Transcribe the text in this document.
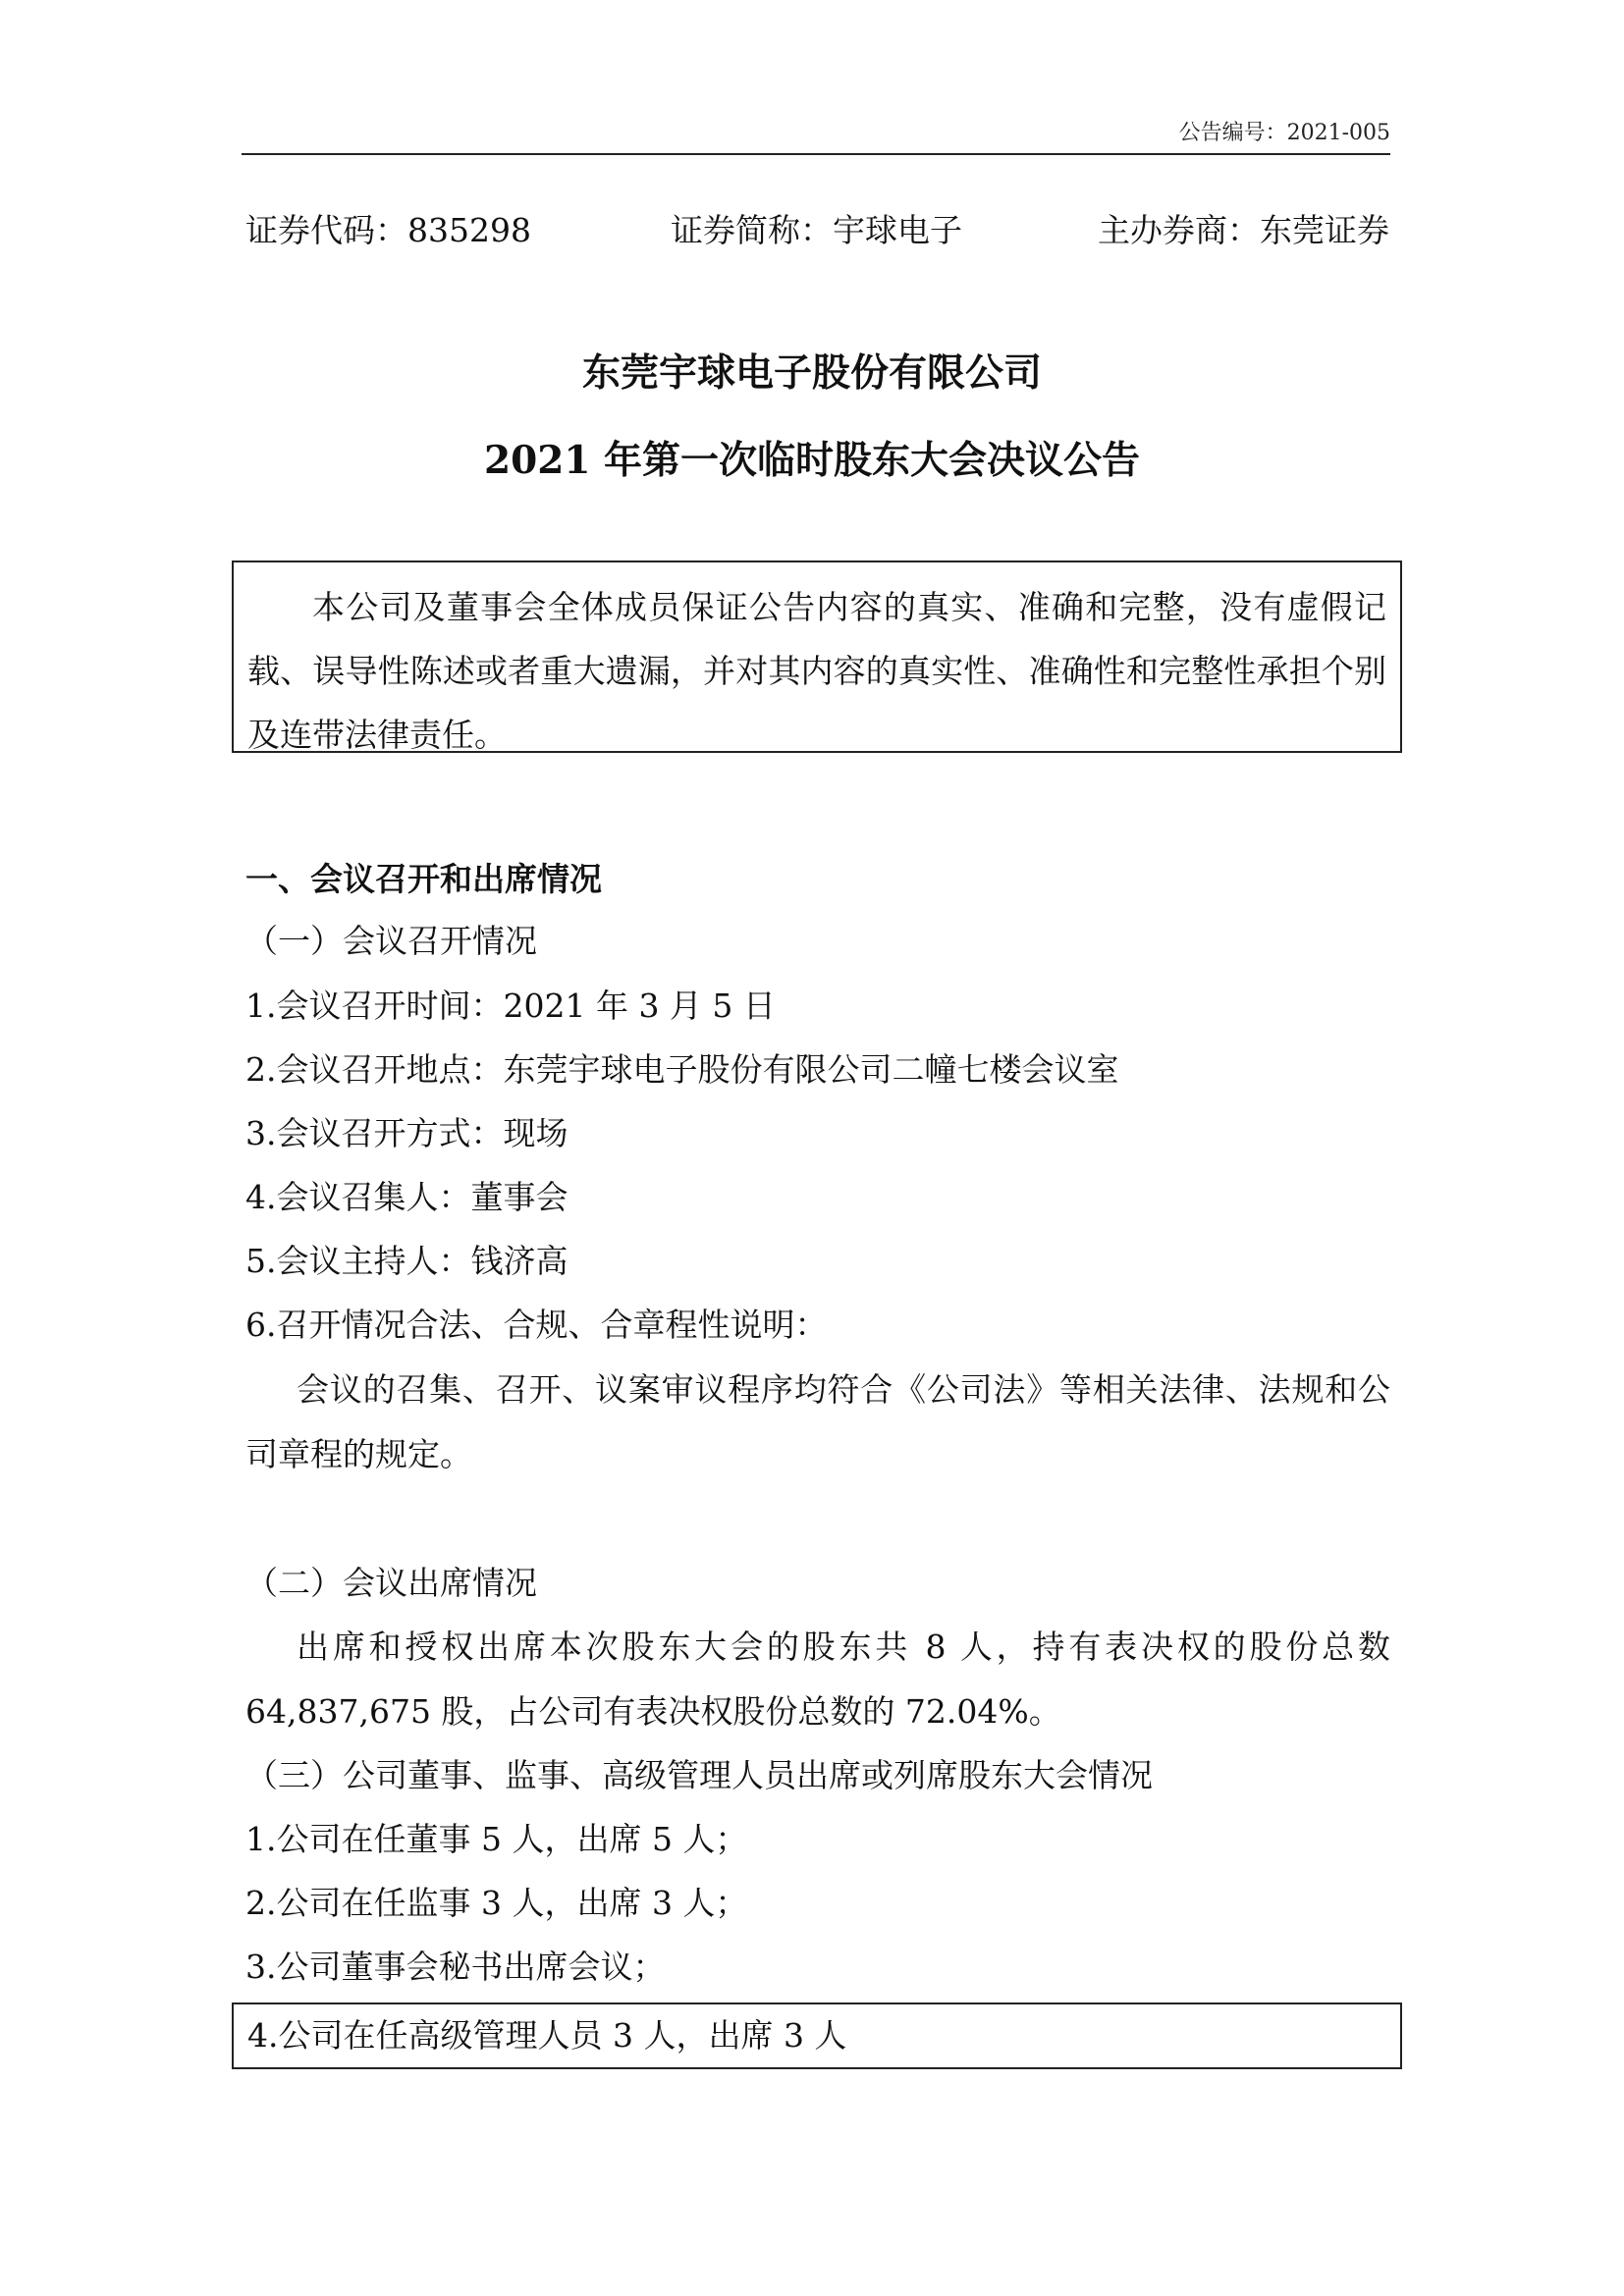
公告编号：2021-005
证券代码：835298	证券简称：宇球电子	主办券商：东莞证券
东莞宇球电子股份有限公司
2021 年第一次临时股东大会决议公告

本公司及董事会全体成员保证公告内容的真实、准确和完整，没有虚假记载、误导性陈述或者重大遗漏，并对其内容的真实性、准确性和完整性承担个别及连带法律责任。

一、会议召开和出席情况
（一）会议召开情况
1.会议召开时间：2021 年 3 月 5 日
2.会议召开地点：东莞宇球电子股份有限公司二幢七楼会议室
3.会议召开方式：现场
4.会议召集人：董事会
5.会议主持人：钱济高
6.召开情况合法、合规、合章程性说明：
会议的召集、召开、议案审议程序均符合《公司法》等相关法律、法规和公司章程的规定。
（二）会议出席情况
出席和授权出席本次股东大会的股东共 8 人，持有表决权的股份总数64,837,675 股，占公司有表决权股份总数的 72.04%。
（三）公司董事、监事、高级管理人员出席或列席股东大会情况
1.公司在任董事 5 人，出席 5 人；
2.公司在任监事 3 人，出席 3 人；
3.公司董事会秘书出席会议；
4.公司在任高级管理人员 3 人，出席 3 人
